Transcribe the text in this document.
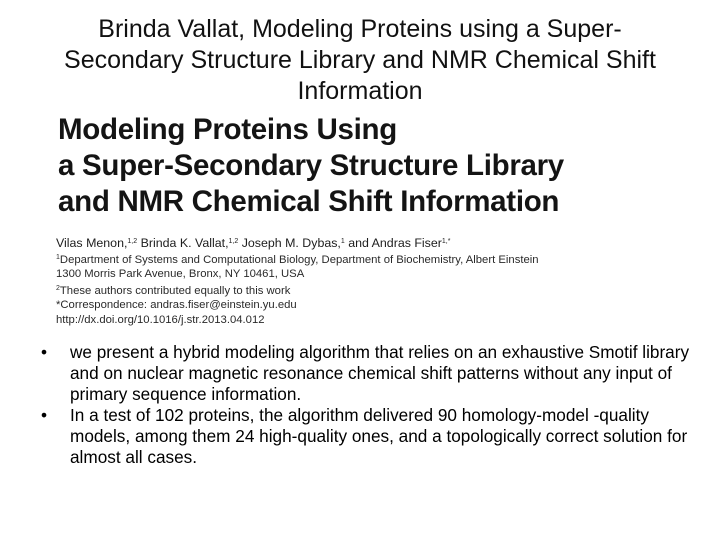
Brinda Vallat, Modeling Proteins using a Super-Secondary Structure Library and NMR Chemical Shift Information
Modeling Proteins Using
a Super-Secondary Structure Library
and NMR Chemical Shift Information
Vilas Menon,$^{1,2}$ Brinda K. Vallat,$^{1,2}$ Joseph M. Dybas,$^1$ and Andras Fiser$^{1,*}$
$^1$Department of Systems and Computational Biology, Department of Biochemistry, Albert Einstein
1300 Morris Park Avenue, Bronx, NY 10461, USA
$^2$These authors contributed equally to this work
*Correspondence: andras.fiser@einstein.yu.edu
http://dx.doi.org/10.1016/j.str.2013.04.012
•	we present a hybrid modeling algorithm that relies on an exhaustive Smotif library and on nuclear magnetic resonance chemical shift patterns without any input of primary sequence information.
•	In a test of 102 proteins, the algorithm delivered 90 homology-model -quality models, among them 24 high-quality ones, and a topologically correct solution for almost all cases.
